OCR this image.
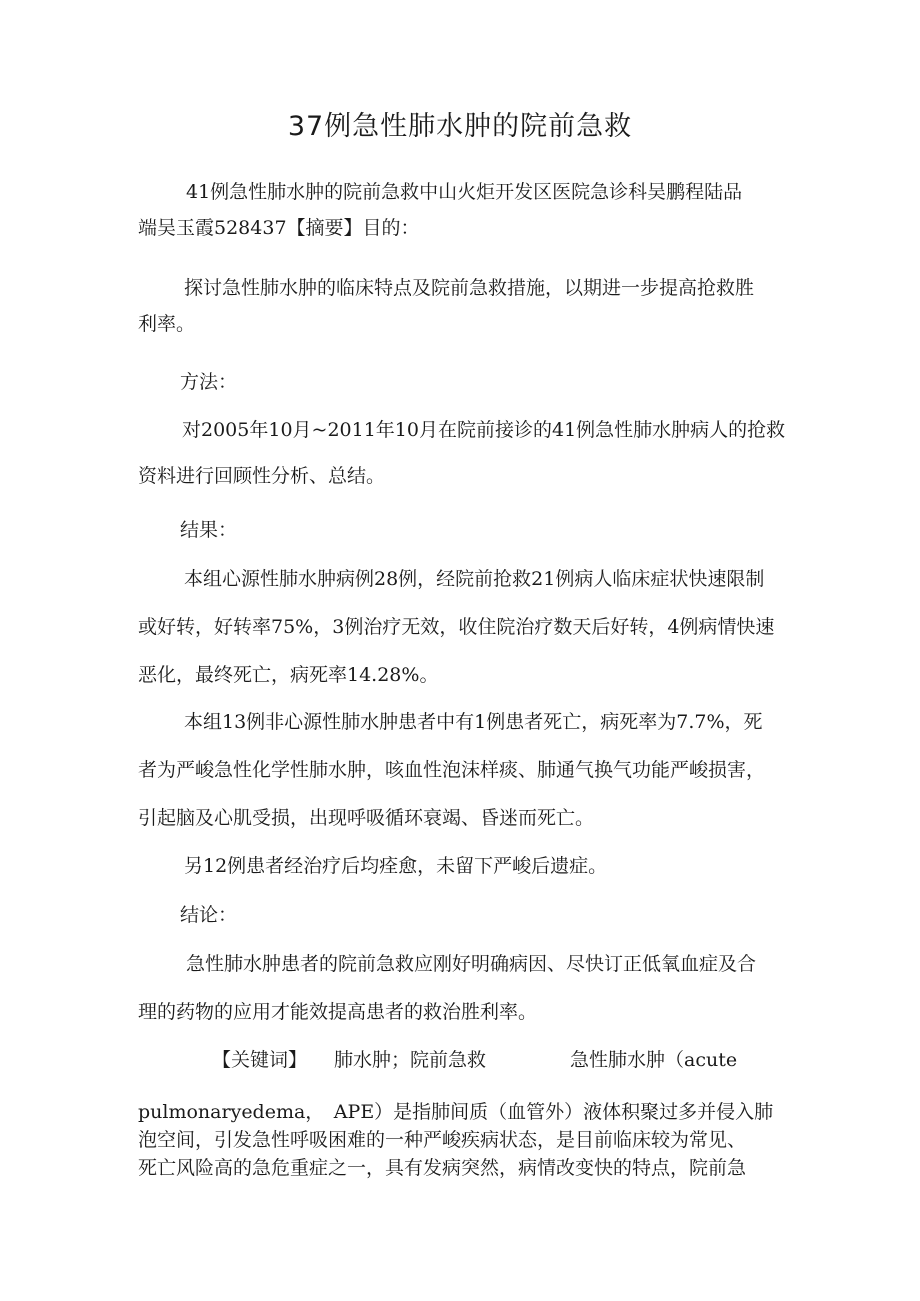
37例急性肺水肿的院前急救
41例急性肺水肿的院前急救中山火炬开发区医院急诊科吴鹏程陆品
端吴玉霞528437【摘要】目的：
探讨急性肺水肿的临床特点及院前急救措施，以期进一步提高抢救胜
利率。
方法：
对2005年10月~2011年10月在院前接诊的41例急性肺水肿病人的抢救
资料进行回顾性分析、总结。
结果：
本组心源性肺水肿病例28例，经院前抢救21例病人临床症状快速限制
或好转，好转率75%，3例治疗无效，收住院治疗数天后好转，4例病情快速
恶化，最终死亡，病死率14.28%。
本组13例非心源性肺水肿患者中有1例患者死亡，病死率为7.7%，死
者为严峻急性化学性肺水肿，咳血性泡沫样痰、肺通气换气功能严峻损害，
引起脑及心肌受损，出现呼吸循环衰竭、昏迷而死亡。
另12例患者经治疗后均痊愈，未留下严峻后遗症。
结论：
急性肺水肿患者的院前急救应刚好明确病因、尽快订正低氧血症及合
理的药物的应用才能效提高患者的救治胜利率。
【关键词】 肺水肿；院前急救	急性肺水肿（acute
pulmonaryedema，　APE）是指肺间质（血管外）液体积聚过多并侵入肺
泡空间，引发急性呼吸困难的一种严峻疾病状态，是目前临床较为常见、
死亡风险高的急危重症之一，具有发病突然，病情改变快的特点，院前急
